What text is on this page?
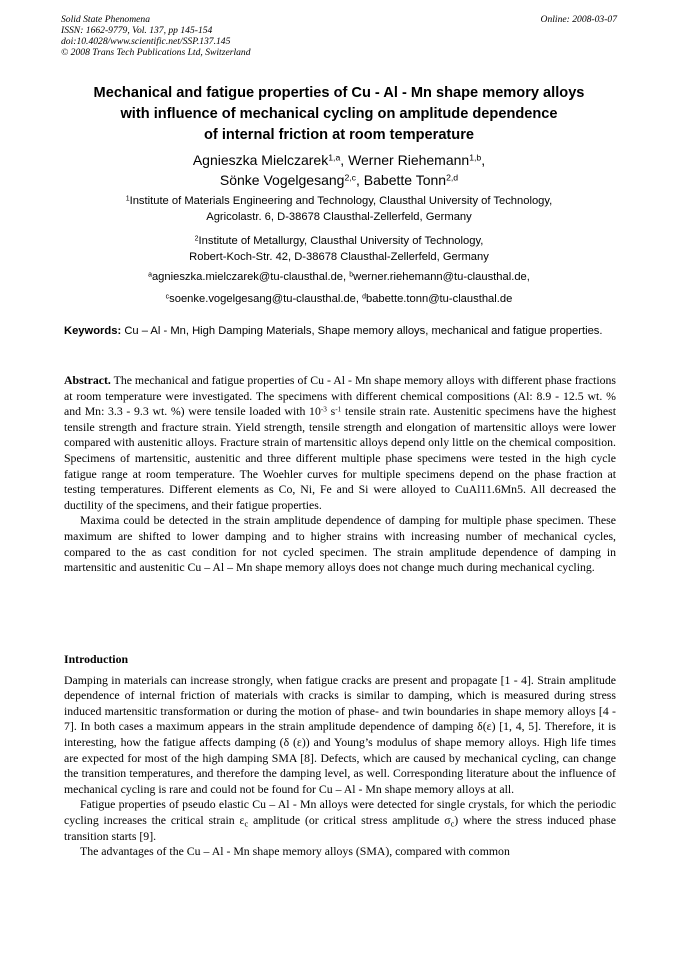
Solid State Phenomena
ISSN: 1662-9779, Vol. 137, pp 145-154
doi:10.4028/www.scientific.net/SSP.137.145
© 2008 Trans Tech Publications Ltd, Switzerland
Online: 2008-03-07
Mechanical and fatigue properties of Cu - Al - Mn shape memory alloys
with influence of mechanical cycling on amplitude dependence
of internal friction at room temperature
Agnieszka Mielczarek$^{1,a}$, Werner Riehemann$^{1,b}$,
Sönke Vogelgesang$^{2,c}$, Babette Tonn$^{2,d}$
$^1$Institute of Materials Engineering and Technology, Clausthal University of Technology,
Agricolastr. 6, D-38678 Clausthal-Zellerfeld, Germany
$^2$Institute of Metallurgy, Clausthal University of Technology,
Robert-Koch-Str. 42, D-38678 Clausthal-Zellerfeld, Germany
$^a$agnieszka.mielczarek@tu-clausthal.de, $^b$werner.riehemann@tu-clausthal.de,
$^c$soenke.vogelgesang@tu-clausthal.de, $^d$babette.tonn@tu-clausthal.de
Keywords: Cu – Al - Mn, High Damping Materials, Shape memory alloys, mechanical and fatigue properties.

Abstract. The mechanical and fatigue properties of Cu - Al - Mn shape memory alloys with different phase fractions at room temperature were investigated. The specimens with different chemical compositions (Al: 8.9 - 12.5 wt. % and Mn: 3.3 - 9.3 wt. %) were tensile loaded with $10^{-3}$ $s^{-1}$ tensile strain rate. Austenitic specimens have the highest tensile strength and fracture strain. Yield strength, tensile strength and elongation of martensitic alloys were lower compared with austenitic alloys. Fracture strain of martensitic alloys depend only little on the chemical composition. Specimens of martensitic, austenitic and three different multiple phase specimens were tested in the high cycle fatigue range at room temperature. The Woehler curves for multiple specimens depend on the phase fraction at testing temperatures. Different elements as Co, Ni, Fe and Si were alloyed to CuAl11.6Mn5. All decreased the ductility of the specimens, and their fatigue properties.

Maxima could be detected in the strain amplitude dependence of damping for multiple phase specimen. These maximum are shifted to lower damping and to higher strains with increasing number of mechanical cycles, compared to the as cast condition for not cycled specimen. The strain amplitude dependence of damping in martensitic and austenitic Cu – Al – Mn shape memory alloys does not change much during mechanical cycling.

Introduction

Damping in materials can increase strongly, when fatigue cracks are present and propagate [1 - 4]. Strain amplitude dependence of internal friction of materials with cracks is similar to damping, which is measured during stress induced martensitic transformation or during the motion of phase- and twin boundaries in shape memory alloys [4 - 7]. In both cases a maximum appears in the strain amplitude dependence of damping δ(ε) [1, 4, 5]. Therefore, it is interesting, how the fatigue affects damping (δ (ε)) and Young’s modulus of shape memory alloys. High life times are expected for most of the high damping SMA [8]. Defects, which are caused by mechanical cycling, can change the transition temperatures, and therefore the damping level, as well. Corresponding literature about the influence of mechanical cycling is rare and could not be found for Cu – Al - Mn shape memory alloys at all.

Fatigue properties of pseudo elastic Cu – Al - Mn alloys were detected for single crystals, for which the periodic cycling increases the critical strain $\varepsilon_c$ amplitude (or critical stress amplitude $\sigma_c$) where the stress induced phase transition starts [9].

The advantages of the Cu – Al - Mn shape memory alloys (SMA), compared with common
